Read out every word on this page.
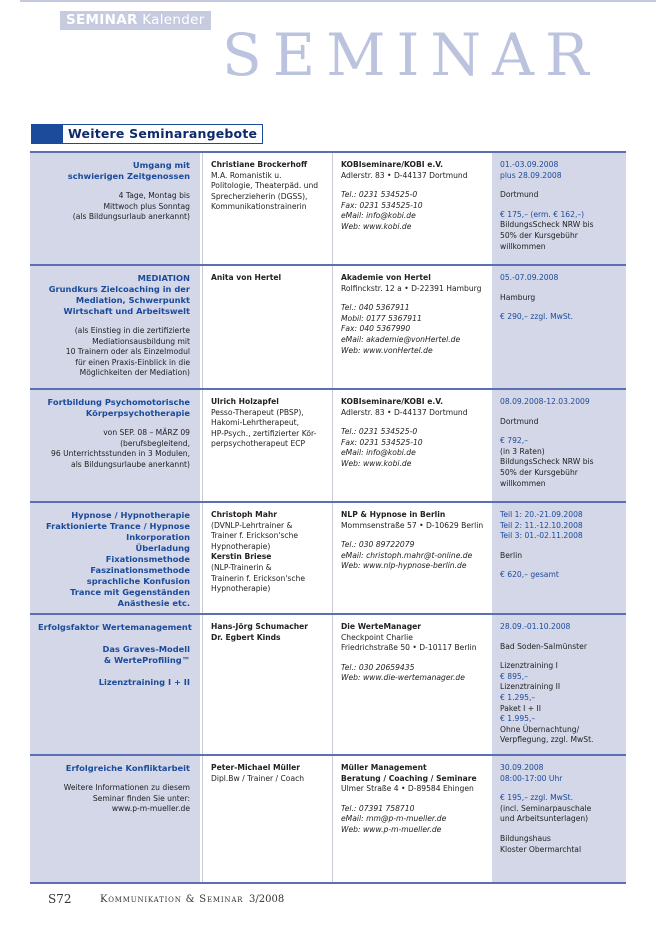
SEMINAR Kalender
SEMINAR
Weitere Seminarangebote
Umgang mit
schwierigen Zeitgenossen
4 Tage, Montag bis
Mittwoch plus Sonntag
(als Bildungsurlaub anerkannt)
Christiane Brockerhoff
M.A. Romanistik u.
Politologie, Theaterpäd. und
Sprecherzieherin (DGSS),
Kommunikationstrainerin
KOBIseminare/KOBI e.V.
Adlerstr. 83 • D-44137 Dortmund
Tel.: 0231 534525-0
Fax: 0231 534525-10
eMail: info@kobi.de
Web: www.kobi.de
01.-03.09.2008
plus 28.09.2008
Dortmund
€ 175,– (erm. € 162,–)
BildungsScheck NRW bis
50% der Kursgebühr
willkommen
MEDIATION
Grundkurs Zielcoaching in der
Mediation, Schwerpunkt
Wirtschaft und Arbeitswelt
(als Einstieg in die zertifizierte
Mediationsausbildung mit
10 Trainern oder als Einzelmodul
für einen Praxis-Einblick in die
Möglichkeiten der Mediation)
Anita von Hertel	Akademie von Hertel
Rolfinckstr. 12 a • D-22391 Hamburg
Tel.: 040 5367911
Mobil: 0177 5367911
Fax: 040 5367990
eMail: akademie@vonHertel.de
Web: www.vonHertel.de
05.-07.09.2008
Hamburg
€ 290,– zzgl. MwSt.
Fortbildung Psychomotorische
Körperpsychotherapie
von SEP. 08 – MÄRZ 09
(berufsbegleitend,
96 Unterrichtsstunden in 3 Modulen,
als Bildungsurlaube anerkannt)
Ulrich Holzapfel
Pesso-Therapeut (PBSP),
Hakomi-Lehrtherapeut,
HP-Psych., zertifizierter Kör-
perpsychotherapeut ECP
KOBIseminare/KOBI e.V.
Adlerstr. 83 • D-44137 Dortmund
Tel.: 0231 534525-0
Fax: 0231 534525-10
eMail: info@kobi.de
Web: www.kobi.de
08.09.2008-12.03.2009
Dortmund
€ 792,–
(in 3 Raten)
BildungsScheck NRW bis
50% der Kursgebühr
willkommen
Hypnose / Hypnotherapie
Fraktionierte Trance / Hypnose
Inkorporation
Überladung
Fixationsmethode
Faszinationsmethode
sprachliche Konfusion
Trance mit Gegenständen
Anästhesie etc.
Christoph Mahr
(DVNLP-Lehrtrainer &
Trainer f. Erickson'sche
Hypnotherapie)
Kerstin Briese
(NLP-Trainerin &
Trainerin f. Erickson'sche
Hypnotherapie)
NLP & Hypnose in Berlin
Mommsenstraße 57 • D-10629 Berlin
Tel.: 030 89722079
eMail: christoph.mahr@t-online.de
Web: www.nlp-hypnose-berlin.de
Teil 1: 20.-21.09.2008
Teil 2: 11.-12.10.2008
Teil 3: 01.-02.11.2008
Berlin
€ 620,– gesamt
Erfolgsfaktor Wertemanagement

Das Graves-Modell
& WerteProfiling™

Lizenztraining I + II
Hans-Jörg Schumacher
Dr. Egbert Kinds
Die WerteManager
Checkpoint Charlie
Friedrichstraße 50 • D-10117 Berlin
Tel.: 030 20659435
Web: www.die-wertemanager.de
28.09.-01.10.2008
Bad Soden-Salmünster
Lizenztraining I
€ 895,–
Lizenztraining II
€ 1.295,–
Paket I + II
€ 1.995,–
Ohne Übernachtung/
Verpflegung, zzgl. MwSt.
Erfolgreiche Konfliktarbeit
Weitere Informationen zu diesem
Seminar finden Sie unter:
www.p-m-mueller.de
Peter-Michael Müller
Dipl.Bw / Trainer / Coach
Müller Management
Beratung / Coaching / Seminare
Ulmer Straße 4 • D-89584 Ehingen
Tel.: 07391 758710
eMail: mm@p-m-mueller.de
Web: www.p-m-mueller.de
30.09.2008
08:00-17:00 Uhr
€ 195,– zzgl. MwSt.
(incl. Seminarpauschale
und Arbeitsunterlagen)
Bildungshaus
Kloster Obermarchtal
S72	Kommunikation & Seminar 3/2008
